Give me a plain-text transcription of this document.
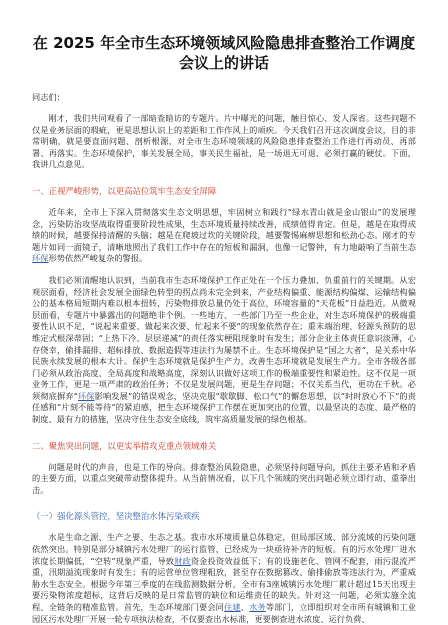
在 2025 年全市生态环境领域风险隐患排查整治工作调度会议上的讲话
同志们：

刚才，我们共同观看了一部暗查暗访的专题片。片中曝光的问题，触目惊心、发人深省。这些问题不仅是业务层面的瑕疵，更是思想认识上的差距和工作作风上的顽疾。今天我们召开这次调度会议，目的非常明确，就是要直面问题、剖析根源，对全市生态环境领域的风险隐患排查整治工作进行再动员、再部署、再落实。生态环境保护，事关发展全局，事关民生福祉，是一场退无可退、必须打赢的硬仗。下面，我讲几点意见。

一、正视严峻形势，以更高站位筑牢生态安全屏障

近年来，全市上下深入贯彻落实生态文明思想，牢固树立和践行“绿水青山就是金山银山”的发展理念，污染防治攻坚战取得重要阶段性成果，生态环境质量持续改善，成绩值得肯定。但是，越是在取得成绩的时候，越要保持清醒的头脑；越是在爬坡过坎的关键阶段，越要警惕麻痹思想和松劲心态。刚才的专题片如同一面镜子，清晰地照出了我们工作中存在的短板和漏洞，也像一记警钟，有力地敲响了当前生态环保形势依然严峻复杂的警报。

我们必须清醒地认识到，当前我市生态环境保护工作正处在一个压力叠加、负重前行的关键期。从宏观层面看，经济社会发展全面绿色转型的拐点尚未完全到来，产业结构偏重、能源结构偏煤、运输结构偏公的基本格局短期内难以根本扭转，污染物排放总量仍处于高位，环境容量的“天花板”日益趋近。从微观层面看，专题片中暴露出的问题绝非个例。一些地方、一些部门乃至一些企业，对生态环境保护的极端重要性认识不足，“说起来重要、做起来次要、忙起来不要”的现象依然存在；重末端治理、轻源头预防的思维定式根深蒂固；“上热下冷、层层递减”的责任落实梗阻现象时有发生；部分企业主体责任意识淡薄，心存侥幸，偷排漏排、超标排放、数据造假等违法行为屡禁不止。生态环境保护是“国之大者”，是关系中华民族永续发展的根本大计。保护生态环境就是保护生产力，改善生态环境就是发展生产力。全市各级各部门必须从政治高度、全局高度和战略高度，深刻认识做好这项工作的极端重要性和紧迫性。这不仅是一项业务工作，更是一项严肃的政治任务；不仅是发展问题，更是生存问题；不仅关系当代，更功在千秋。必须彻底摒弃“环保影响发展”的错误观念，坚决克服“歇歇脚、松口气”的懈怠思想，以“时时放心不下”的责任感和“片刻不能等待”的紧迫感，把生态环境保护工作摆在更加突出的位置，以最坚决的态度、最严格的制度、最有力的措施，坚决守住生态安全底线，筑牢高质量发展的绿色根基。

二、聚焦突出问题，以更实举措攻克重点领域难关

问题是时代的声音，也是工作的导向。排查整治风险隐患，必须坚持问题导向，抓住主要矛盾和矛盾的主要方面，以重点突破带动整体提升。从当前情况看，以下几个领域的突出问题必须立即行动、重拳出击。

（一）强化源头管控，坚决整治水体污染顽疾

水是生命之源、生产之要、生态之基。我市水环境质量总体稳定，但局部区域、部分流域的污染问题依然突出。特别是部分城镇污水处理厂的运行监管，已经成为一块亟待补齐的短板。有的污水处理厂进水浓度长期偏低，“空转”现象严重，导致财政资金投资效益低下；有的设施老化、管网不配套，雨污混流严重，汛期溢流现象时有发生；有的运营单位管理粗放，甚至存在数据篡改、偷排偷放等违法行为，严重威胁水生态安全。根据今年第三季度的在线监测数据分析，全市有3座城镇污水处理厂累计超过15天出现主要污染物浓度超标，这背后反映的是日常监管的缺位和运维责任的缺失。针对这一问题，必须实施全流程、全链条的精准监管。首先，生态环境部门要会同住建、水务等部门，立即组织对全市所有城镇和工业园区污水处理厂开展一轮专项执法检查，不仅要查出水标准，更要倒查进水浓度、运行负荷、
